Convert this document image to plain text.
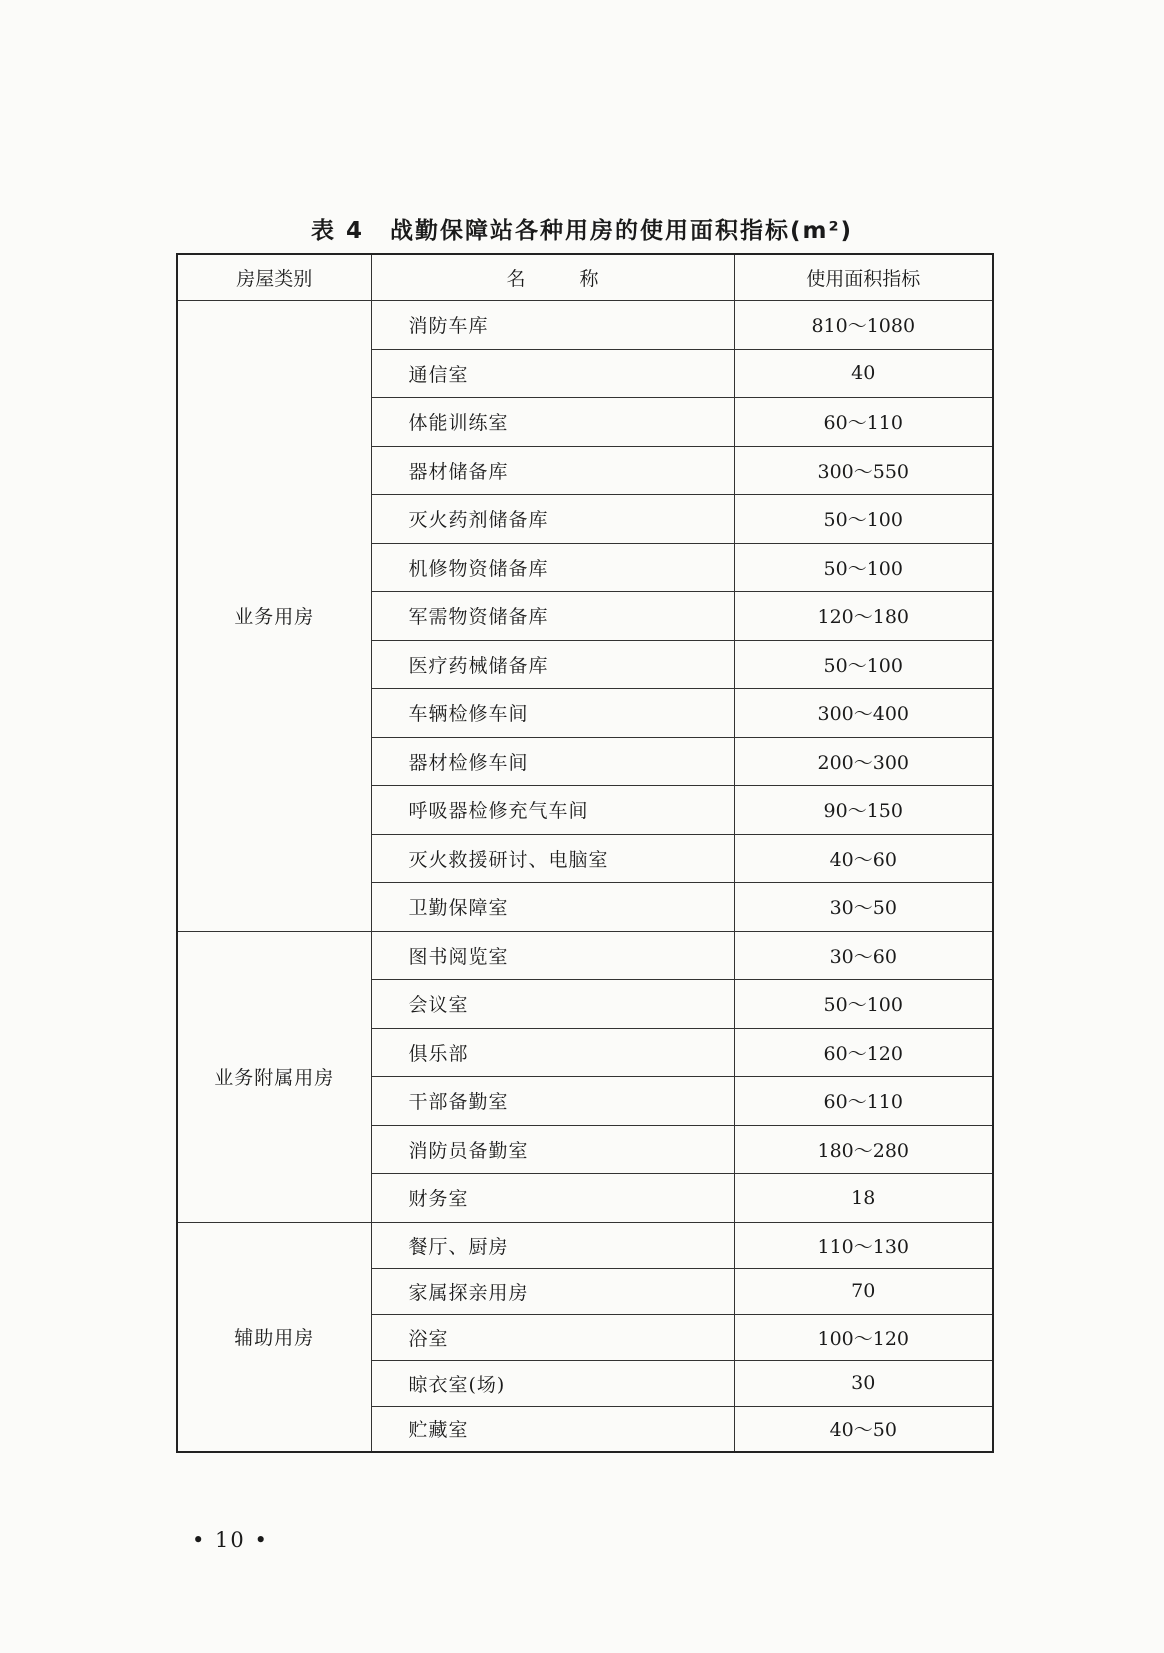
表 4 战勤保障站各种用房的使用面积指标(m²)
房屋类别	名 称	使用面积指标
业务用房	消防车库	810～1080
	通信室	40
	体能训练室	60～110
	器材储备库	300～550
	灭火药剂储备库	50～100
	机修物资储备库	50～100
	军需物资储备库	120～180
	医疗药械储备库	50～100
	车辆检修车间	300～400
	器材检修车间	200～300
	呼吸器检修充气车间	90～150
	灭火救援研讨、电脑室	40～60
	卫勤保障室	30～50
业务附属用房	图书阅览室	30～60
	会议室	50～100
	俱乐部	60～120
	干部备勤室	60～110
	消防员备勤室	180～280
	财务室	18
辅助用房	餐厅、厨房	110～130
	家属探亲用房	70
	浴室	100～120
	晾衣室(场)	30
	贮藏室	40～50
• 10 •
